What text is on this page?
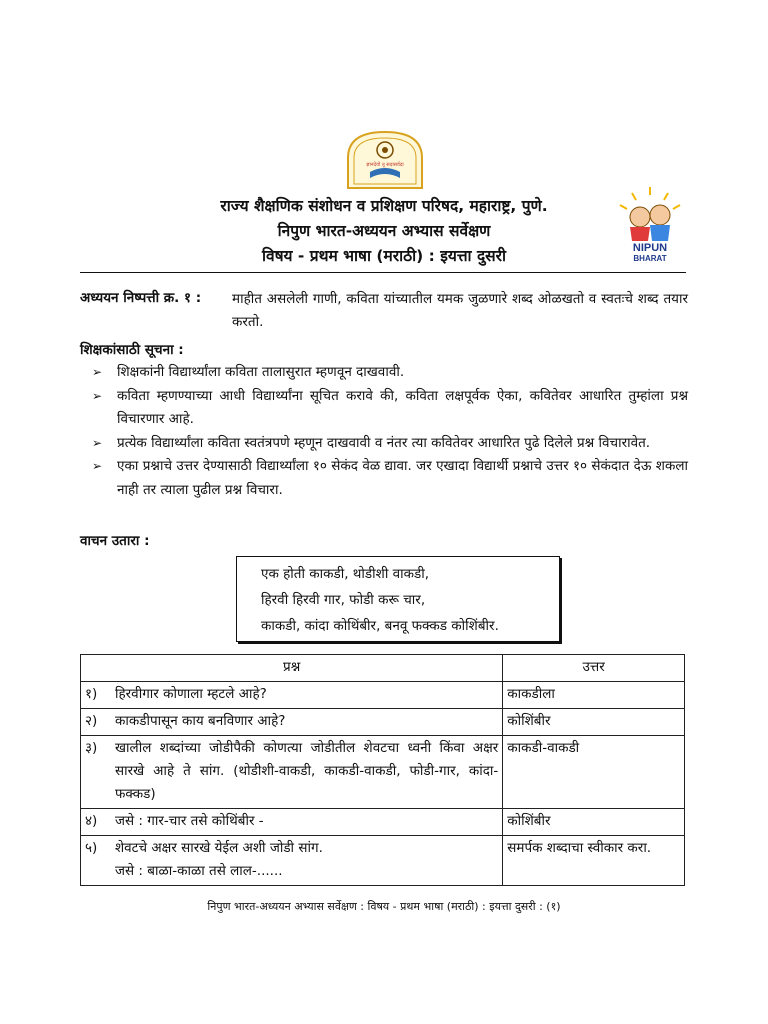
ज्ञानदेवो तू सदासर्वदा
NIPUN
BHARAT
राज्य शैक्षणिक संशोधन व प्रशिक्षण परिषद, महाराष्ट्र, पुणे.
निपुण भारत-अध्ययन अभ्यास सर्वेक्षण
विषय - प्रथम भाषा (मराठी) : इयत्ता दुसरी
अध्ययन निष्पत्ती क्र. १ : माहीत असलेली गाणी, कविता यांच्यातील यमक जुळणारे शब्द ओळखतो व स्वतःचे शब्द तयार करतो.
शिक्षकांसाठी सूचना :
➢ शिक्षकांनी विद्यार्थ्यांला कविता तालासुरात म्हणवून दाखवावी.
➢ कविता म्हणण्याच्या आधी विद्यार्थ्यांना सूचित करावे की, कविता लक्षपूर्वक ऐका, कवितेवर आधारित तुम्हांला प्रश्न विचारणार आहे.
➢ प्रत्येक विद्यार्थ्यांला कविता स्वतंत्रपणे म्हणून दाखवावी व नंतर त्या कवितेवर आधारित पुढे दिलेले प्रश्न विचारावेत.
➢ एका प्रश्नाचे उत्तर देण्यासाठी विद्यार्थ्यांला १० सेकंद वेळ द्यावा. जर एखादा विद्यार्थी प्रश्नाचे उत्तर १० सेकंदात देऊ शकला नाही तर त्याला पुढील प्रश्न विचारा.
वाचन उतारा :
एक होती काकडी, थोडीशी वाकडी,
हिरवी हिरवी गार, फोडी करू चार,
काकडी, कांदा कोथिंबीर, बनवू फक्कड कोशिंबीर.
प्रश्न	उत्तर

१) हिरवीगार कोणाला म्हटले आहे?	काकडीला

२) काकडीपासून काय बनविणार आहे?	कोशिंबीर

३) खालील शब्दांच्या जोडीपैकी कोणत्या जोडीतील शेवटचा ध्वनी किंवा अक्षर सारखे आहे ते सांग. (थोडीशी-वाकडी, काकडी-वाकडी, फोडी-गार, कांदा-फक्कड)	काकडी-वाकडी

४) जसे : गार-चार तसे कोथिंबीर -	कोशिंबीर

५) शेवटचे अक्षर सारखे येईल अशी जोडी सांग.
जसे : बाळा-काळा तसे लाल-......	समर्पक शब्दाचा स्वीकार करा.
निपुण भारत-अध्ययन अभ्यास सर्वेक्षण : विषय - प्रथम भाषा (मराठी) : इयत्ता दुसरी : (१)
